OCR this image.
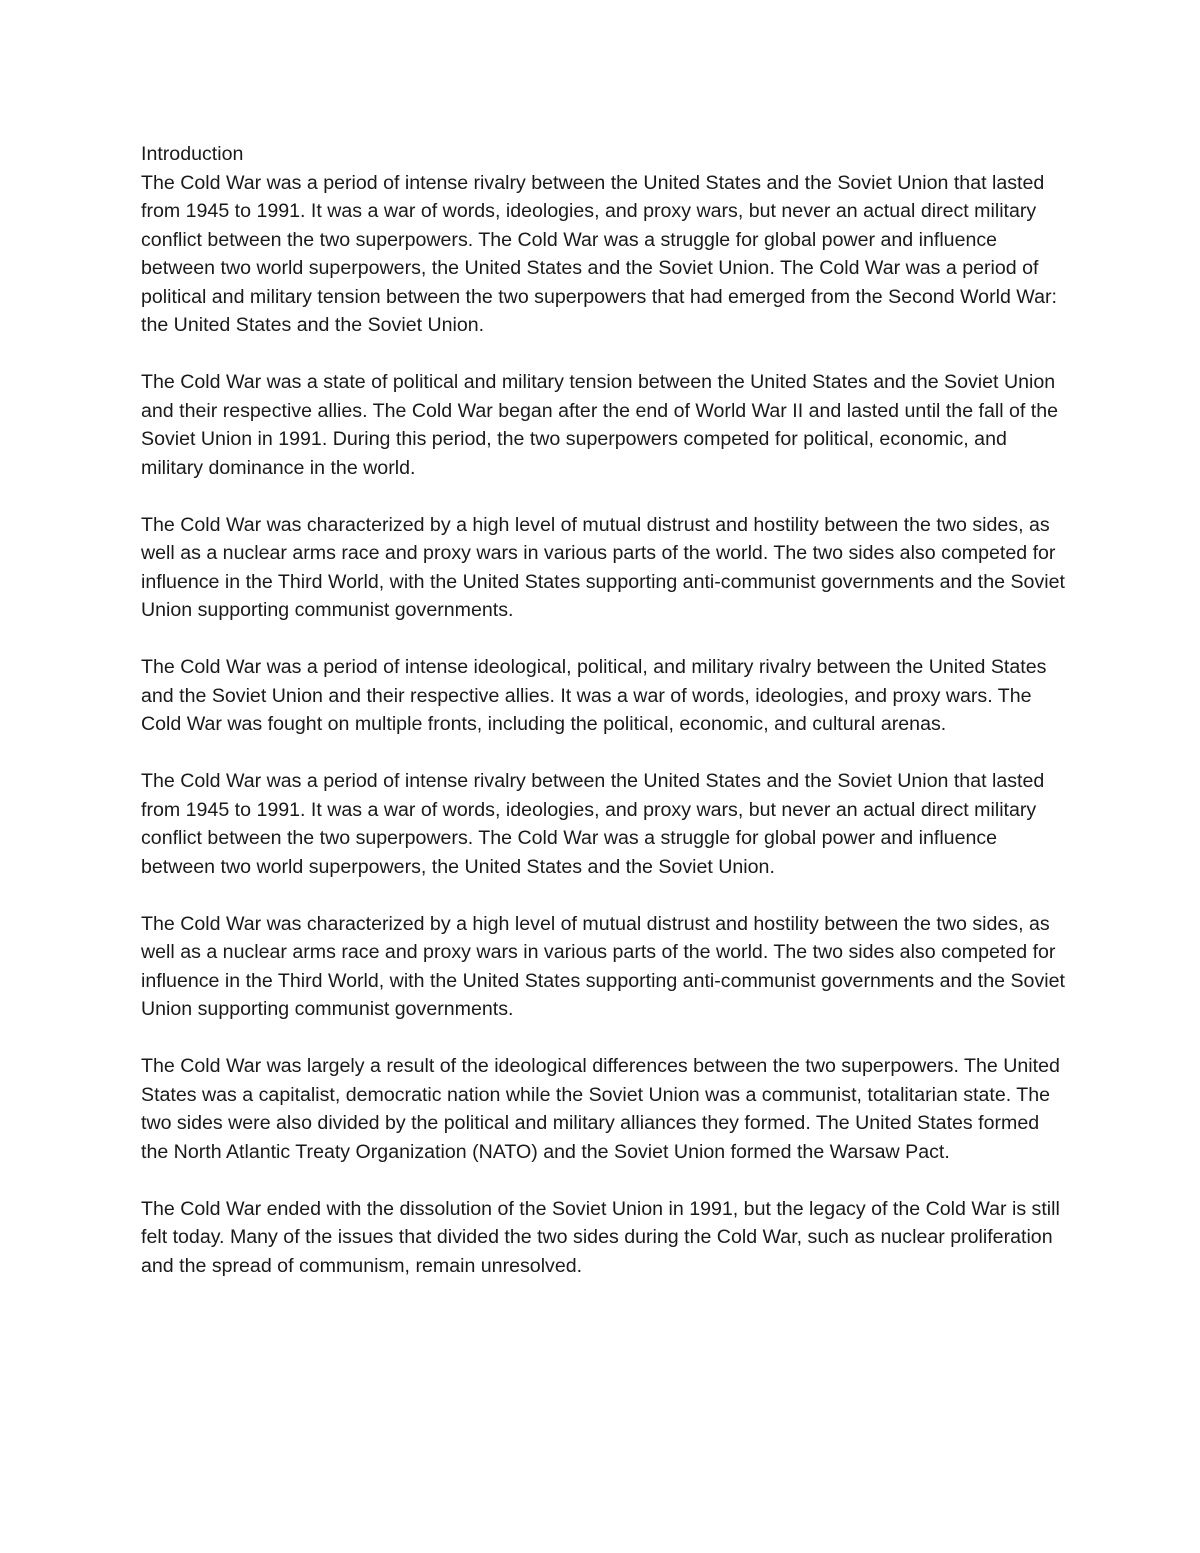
Introduction

The Cold War was a period of intense rivalry between the United States and the Soviet Union that lasted from 1945 to 1991. It was a war of words, ideologies, and proxy wars, but never an actual direct military conflict between the two superpowers. The Cold War was a struggle for global power and influence between two world superpowers, the United States and the Soviet Union. The Cold War was a period of political and military tension between the two superpowers that had emerged from the Second World War: the United States and the Soviet Union.

The Cold War was a state of political and military tension between the United States and the Soviet Union and their respective allies. The Cold War began after the end of World War II and lasted until the fall of the Soviet Union in 1991. During this period, the two superpowers competed for political, economic, and military dominance in the world.

The Cold War was characterized by a high level of mutual distrust and hostility between the two sides, as well as a nuclear arms race and proxy wars in various parts of the world. The two sides also competed for influence in the Third World, with the United States supporting anti-communist governments and the Soviet Union supporting communist governments.

The Cold War was a period of intense ideological, political, and military rivalry between the United States and the Soviet Union and their respective allies. It was a war of words, ideologies, and proxy wars. The Cold War was fought on multiple fronts, including the political, economic, and cultural arenas.

The Cold War was a period of intense rivalry between the United States and the Soviet Union that lasted from 1945 to 1991. It was a war of words, ideologies, and proxy wars, but never an actual direct military conflict between the two superpowers. The Cold War was a struggle for global power and influence between two world superpowers, the United States and the Soviet Union.

The Cold War was characterized by a high level of mutual distrust and hostility between the two sides, as well as a nuclear arms race and proxy wars in various parts of the world. The two sides also competed for influence in the Third World, with the United States supporting anti-communist governments and the Soviet Union supporting communist governments.

The Cold War was largely a result of the ideological differences between the two superpowers. The United States was a capitalist, democratic nation while the Soviet Union was a communist, totalitarian state. The two sides were also divided by the political and military alliances they formed. The United States formed the North Atlantic Treaty Organization (NATO) and the Soviet Union formed the Warsaw Pact.

The Cold War ended with the dissolution of the Soviet Union in 1991, but the legacy of the Cold War is still felt today. Many of the issues that divided the two sides during the Cold War, such as nuclear proliferation and the spread of communism, remain unresolved.
